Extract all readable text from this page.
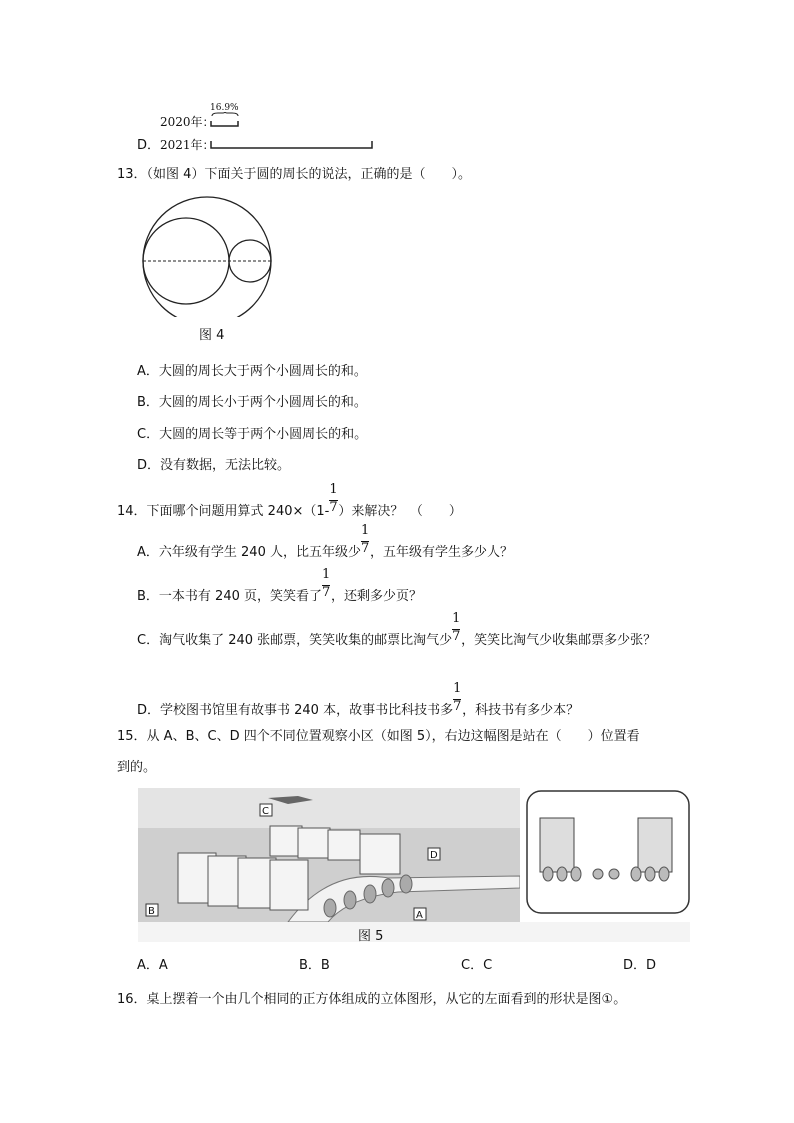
16.9%
2020年：
D． 2021年：
13．（如图 4）下面关于圆的周长的说法，正确的是（　　）。
图 4
A．大圆的周长大于两个小圆周长的和。
B．大圆的周长小于两个小圆周长的和。
C．大圆的周长等于两个小圆周长的和。
D．没有数据，无法比较。
14．下面哪个问题用算式 $240\times(1- \frac{1}{7})$来解决？　（　　）
A．六年级有学生 240 人，比五年级少 $\frac{1}{7}$，五年级有学生多少人？
B．一本书有 240 页，笑笑看了 $\frac{1}{7}$，还剩多少页？
C．淘气收集了 240 张邮票，笑笑收集的邮票比淘气少 $\frac{1}{7}$，笑笑比淘气少收集邮票多少张？
D．学校图书馆里有故事书 240 本，故事书比科技书多 $\frac{1}{7}$，科技书有多少本？
15．从 A、B、C、D 四个不同位置观察小区（如图 5），右边这幅图是站在（　　）位置看
到的。
C
D
B	A
图 5
A．A	B．B	C．C	D．D
16．桌上摆着一个由几个相同的正方体组成的立体图形，从它的左面看到的形状是图①。
